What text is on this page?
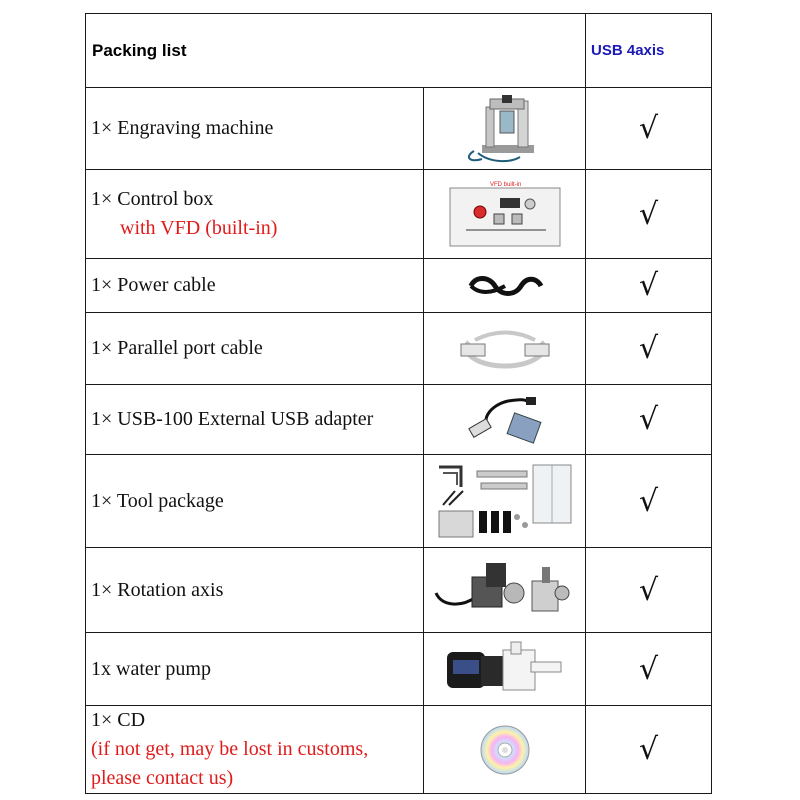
Packing list		USB 4axis
1× Engraving machine		√

1× Control box
with VFD (built-in)	VFD built-in	√
1× Power cable		√
1× Parallel port cable		√
1× USB-100 External USB adapter		√
1× Tool package		√
1× Rotation axis		√
1x water pump		√

1× CD
(if not get, may be lost in customs,
please contact us)		√
